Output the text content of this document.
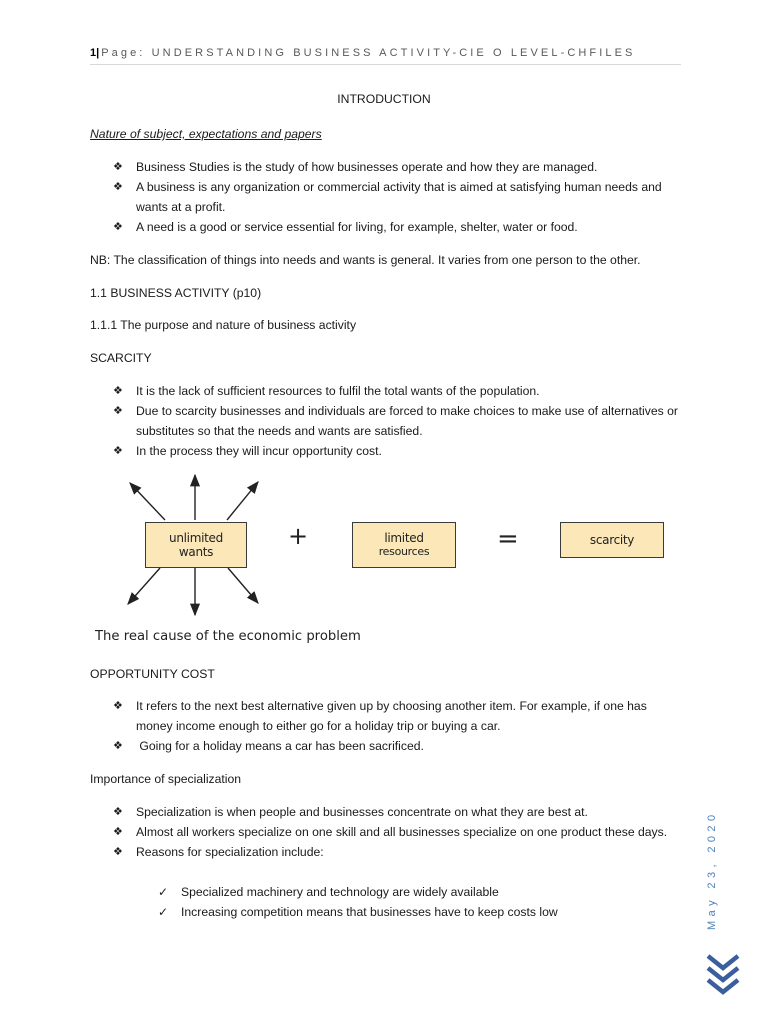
1| Page: UNDERSTANDING BUSINESS ACTIVITY-CIE O LEVEL-CHFILES
INTRODUCTION
Nature of subject, expectations and papers
❖ Business Studies is the study of how businesses operate and how they are managed.
❖ A business is any organization or commercial activity that is aimed at satisfying human needs and wants at a profit.
❖ A need is a good or service essential for living, for example, shelter, water or food.
NB: The classification of things into needs and wants is general. It varies from one person to the other.
1.1 BUSINESS ACTIVITY (p10)
1.1.1 The purpose and nature of business activity
SCARCITY
❖ It is the lack of sufficient resources to fulfil the total wants of the population.
❖ Due to scarcity businesses and individuals are forced to make choices to make use of alternatives or substitutes so that the needs and wants are satisfied.
❖ In the process they will incur opportunity cost.
unlimited
wants
+	limited
resources	=	scarcity
The real cause of the economic problem
OPPORTUNITY COST
❖ It refers to the next best alternative given up by choosing another item. For example, if one has money income enough to either go for a holiday trip or buying a car.
❖ Going for a holiday means a car has been sacrificed.
Importance of specialization
❖ Specialization is when people and businesses concentrate on what they are best at.
❖ Almost all workers specialize on one skill and all businesses specialize on one product these days.
❖ Reasons for specialization include:
✓ Specialized machinery and technology are widely available
✓ Increasing competition means that businesses have to keep costs low	May 23, 2020
